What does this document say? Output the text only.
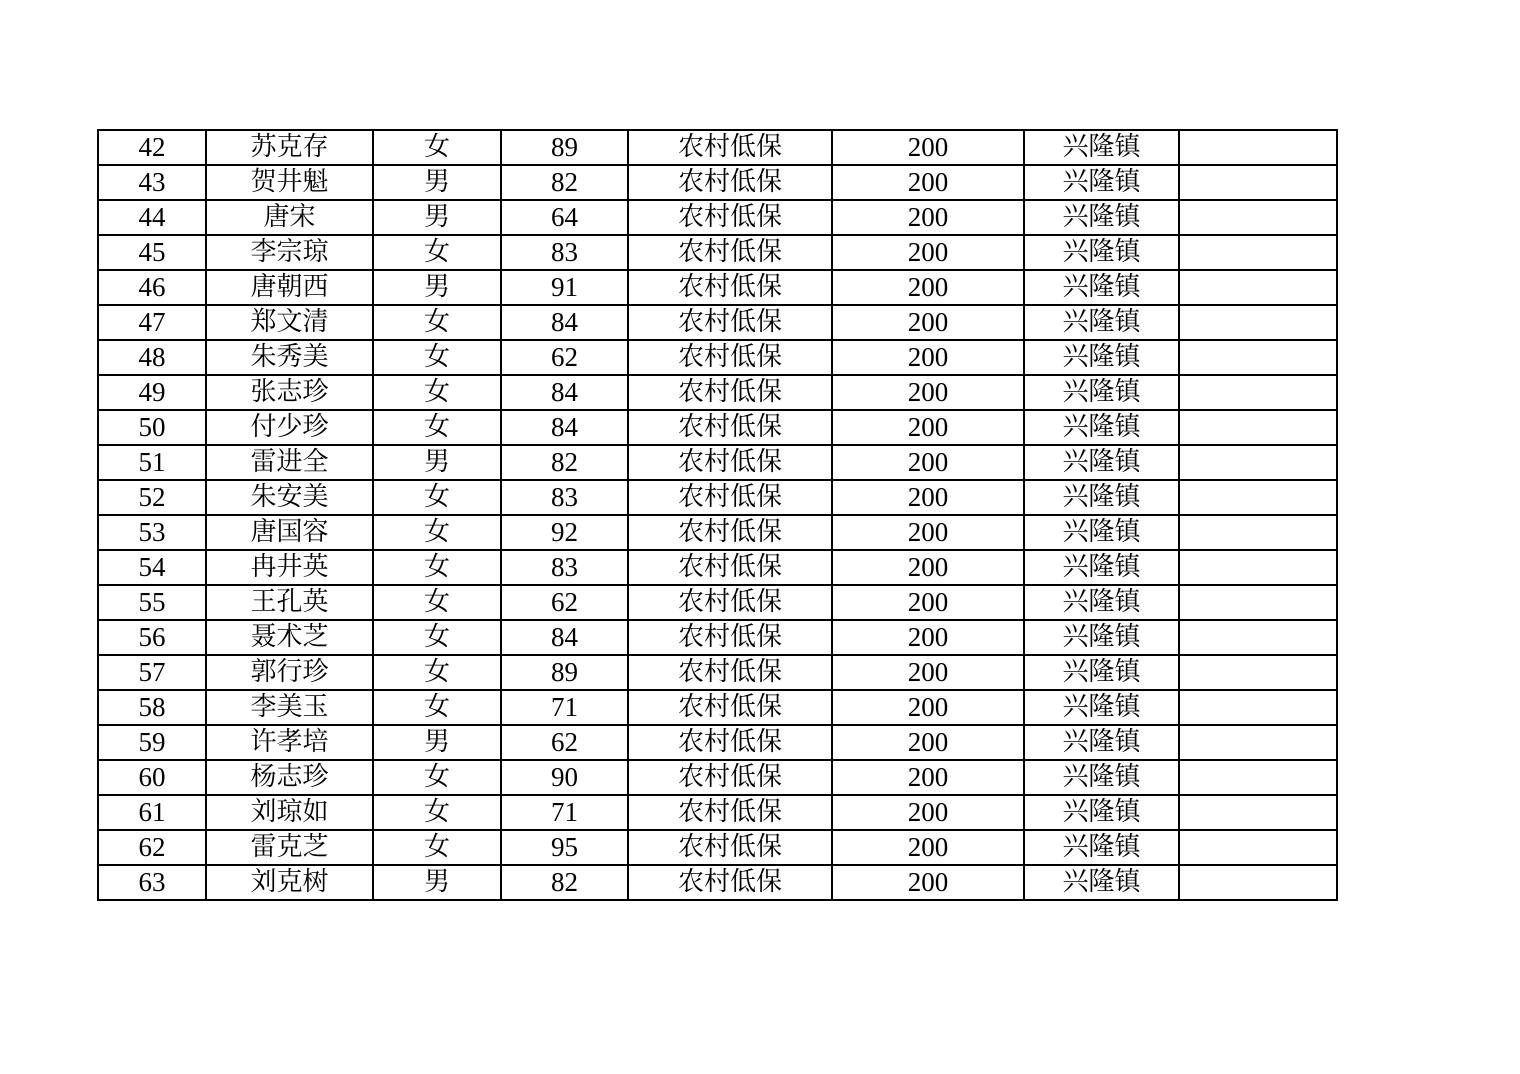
42	苏克存	女	89	农村低保	200	兴隆镇	
43	贺井魁	男	82	农村低保	200	兴隆镇	
44	唐宋	男	64	农村低保	200	兴隆镇	
45	李宗琼	女	83	农村低保	200	兴隆镇	
46	唐朝西	男	91	农村低保	200	兴隆镇	
47	郑文清	女	84	农村低保	200	兴隆镇	
48	朱秀美	女	62	农村低保	200	兴隆镇	
49	张志珍	女	84	农村低保	200	兴隆镇	
50	付少珍	女	84	农村低保	200	兴隆镇	
51	雷进全	男	82	农村低保	200	兴隆镇	
52	朱安美	女	83	农村低保	200	兴隆镇	
53	唐国容	女	92	农村低保	200	兴隆镇	
54	冉井英	女	83	农村低保	200	兴隆镇	
55	王孔英	女	62	农村低保	200	兴隆镇	
56	聂术芝	女	84	农村低保	200	兴隆镇	
57	郭行珍	女	89	农村低保	200	兴隆镇	
58	李美玉	女	71	农村低保	200	兴隆镇	
59	许孝培	男	62	农村低保	200	兴隆镇	
60	杨志珍	女	90	农村低保	200	兴隆镇	
61	刘琼如	女	71	农村低保	200	兴隆镇	
62	雷克芝	女	95	农村低保	200	兴隆镇	
63	刘克树	男	82	农村低保	200	兴隆镇	
